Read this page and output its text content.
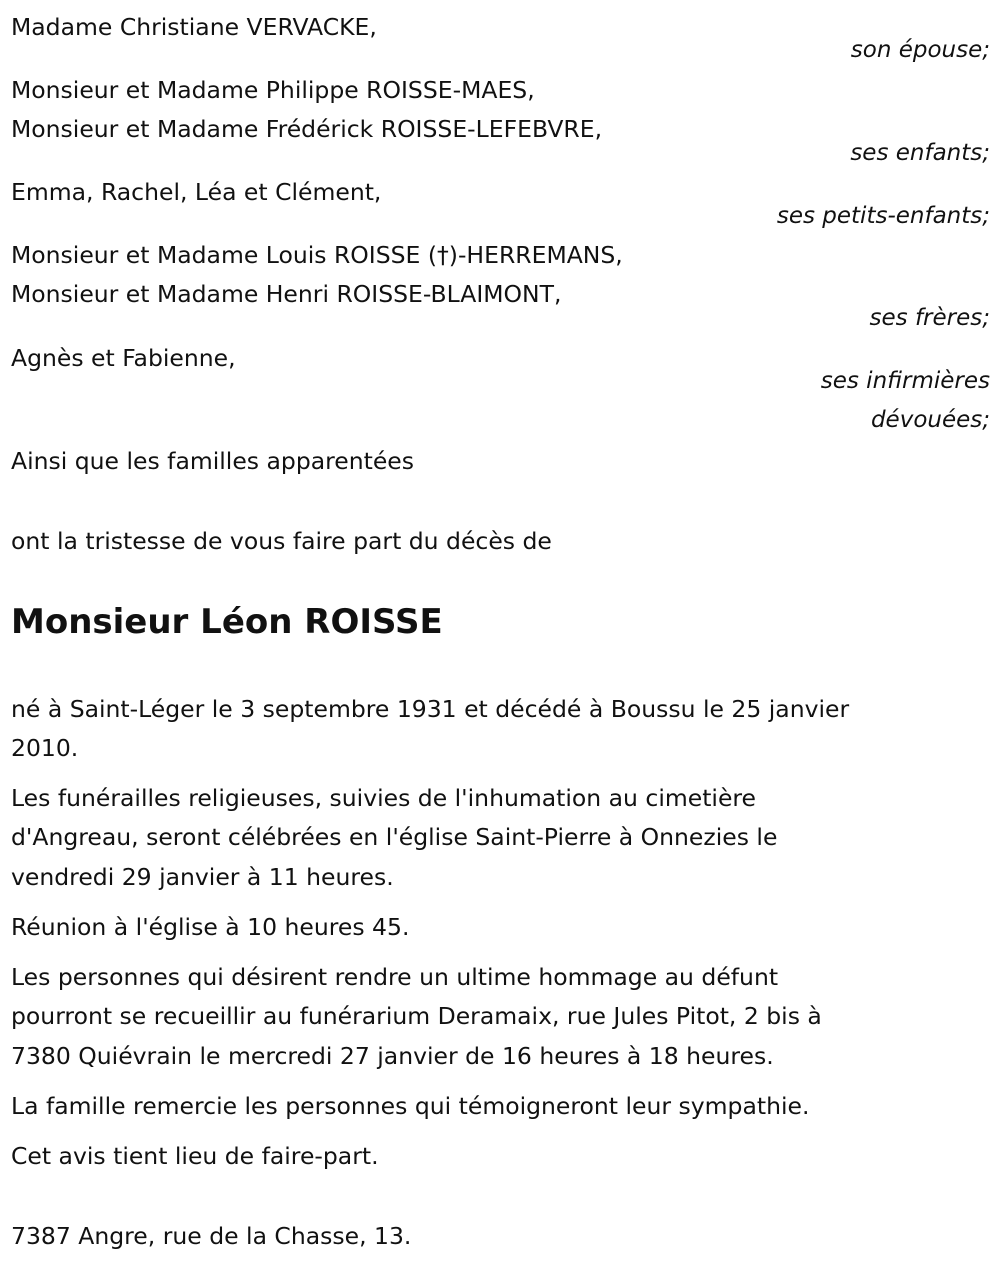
Madame Christiane VERVACKE,
son épouse;
Monsieur et Madame Philippe ROISSE-MAES,
Monsieur et Madame Frédérick ROISSE-LEFEBVRE,
ses enfants;
Emma, Rachel, Léa et Clément,
ses petits-enfants;
Monsieur et Madame Louis ROISSE (†)-HERREMANS,
Monsieur et Madame Henri ROISSE-BLAIMONT,
ses frères;
Agnès et Fabienne,
ses infirmières
dévouées;
Ainsi que les familles apparentées
ont la tristesse de vous faire part du décès de
Monsieur Léon ROISSE
né à Saint-Léger le 3 septembre 1931 et décédé à Boussu le 25 janvier
2010.
Les funérailles religieuses, suivies de l'inhumation au cimetière
d'Angreau, seront célébrées en l'église Saint-Pierre à Onnezies le
vendredi 29 janvier à 11 heures.
Réunion à l'église à 10 heures 45.
Les personnes qui désirent rendre un ultime hommage au défunt
pourront se recueillir au funérarium Deramaix, rue Jules Pitot, 2 bis à
7380 Quiévrain le mercredi 27 janvier de 16 heures à 18 heures.
La famille remercie les personnes qui témoigneront leur sympathie.
Cet avis tient lieu de faire-part.
7387 Angre, rue de la Chasse, 13.
